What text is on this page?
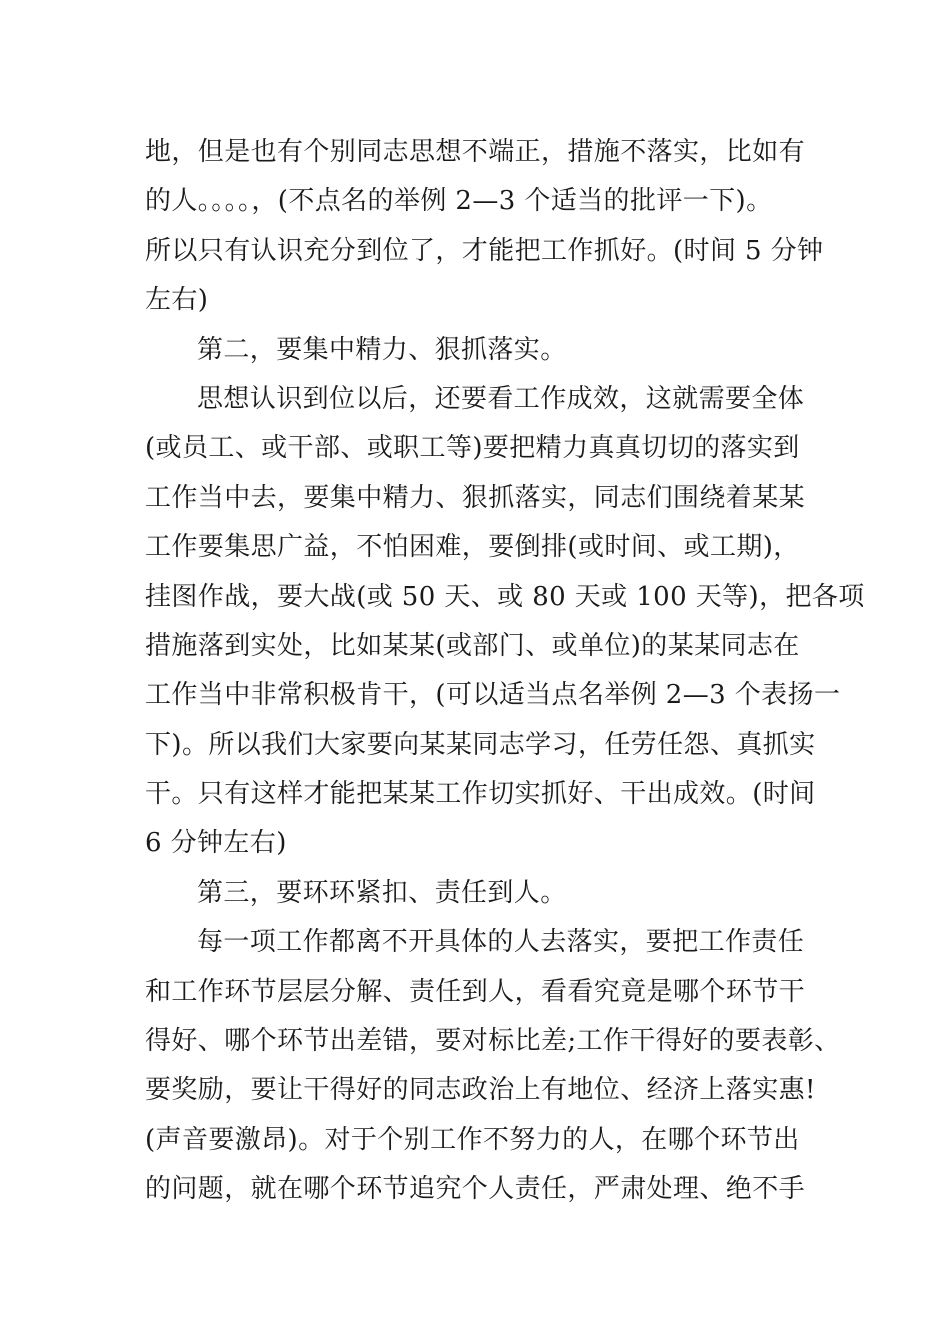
地，但是也有个别同志思想不端正，措施不落实，比如有
的人。。。。，(不点名的举例 2—3 个适当的批评一下)。
所以只有认识充分到位了，才能把工作抓好。(时间 5 分钟
左右)
第二，要集中精力、狠抓落实。
思想认识到位以后，还要看工作成效，这就需要全体
(或员工、或干部、或职工等)要把精力真真切切的落实到
工作当中去，要集中精力、狠抓落实，同志们围绕着某某
工作要集思广益，不怕困难，要倒排(或时间、或工期)，
挂图作战，要大战(或 50 天、或 80 天或 100 天等)，把各项
措施落到实处，比如某某(或部门、或单位)的某某同志在
工作当中非常积极肯干，(可以适当点名举例 2—3 个表扬一
下)。所以我们大家要向某某同志学习，任劳任怨、真抓实
干。只有这样才能把某某工作切实抓好、干出成效。(时间
6 分钟左右)
第三，要环环紧扣、责任到人。
每一项工作都离不开具体的人去落实，要把工作责任
和工作环节层层分解、责任到人，看看究竟是哪个环节干
得好、哪个环节出差错，要对标比差;工作干得好的要表彰、
要奖励，要让干得好的同志政治上有地位、经济上落实惠!
(声音要激昂)。对于个别工作不努力的人，在哪个环节出
的问题，就在哪个环节追究个人责任，严肃处理、绝不手
